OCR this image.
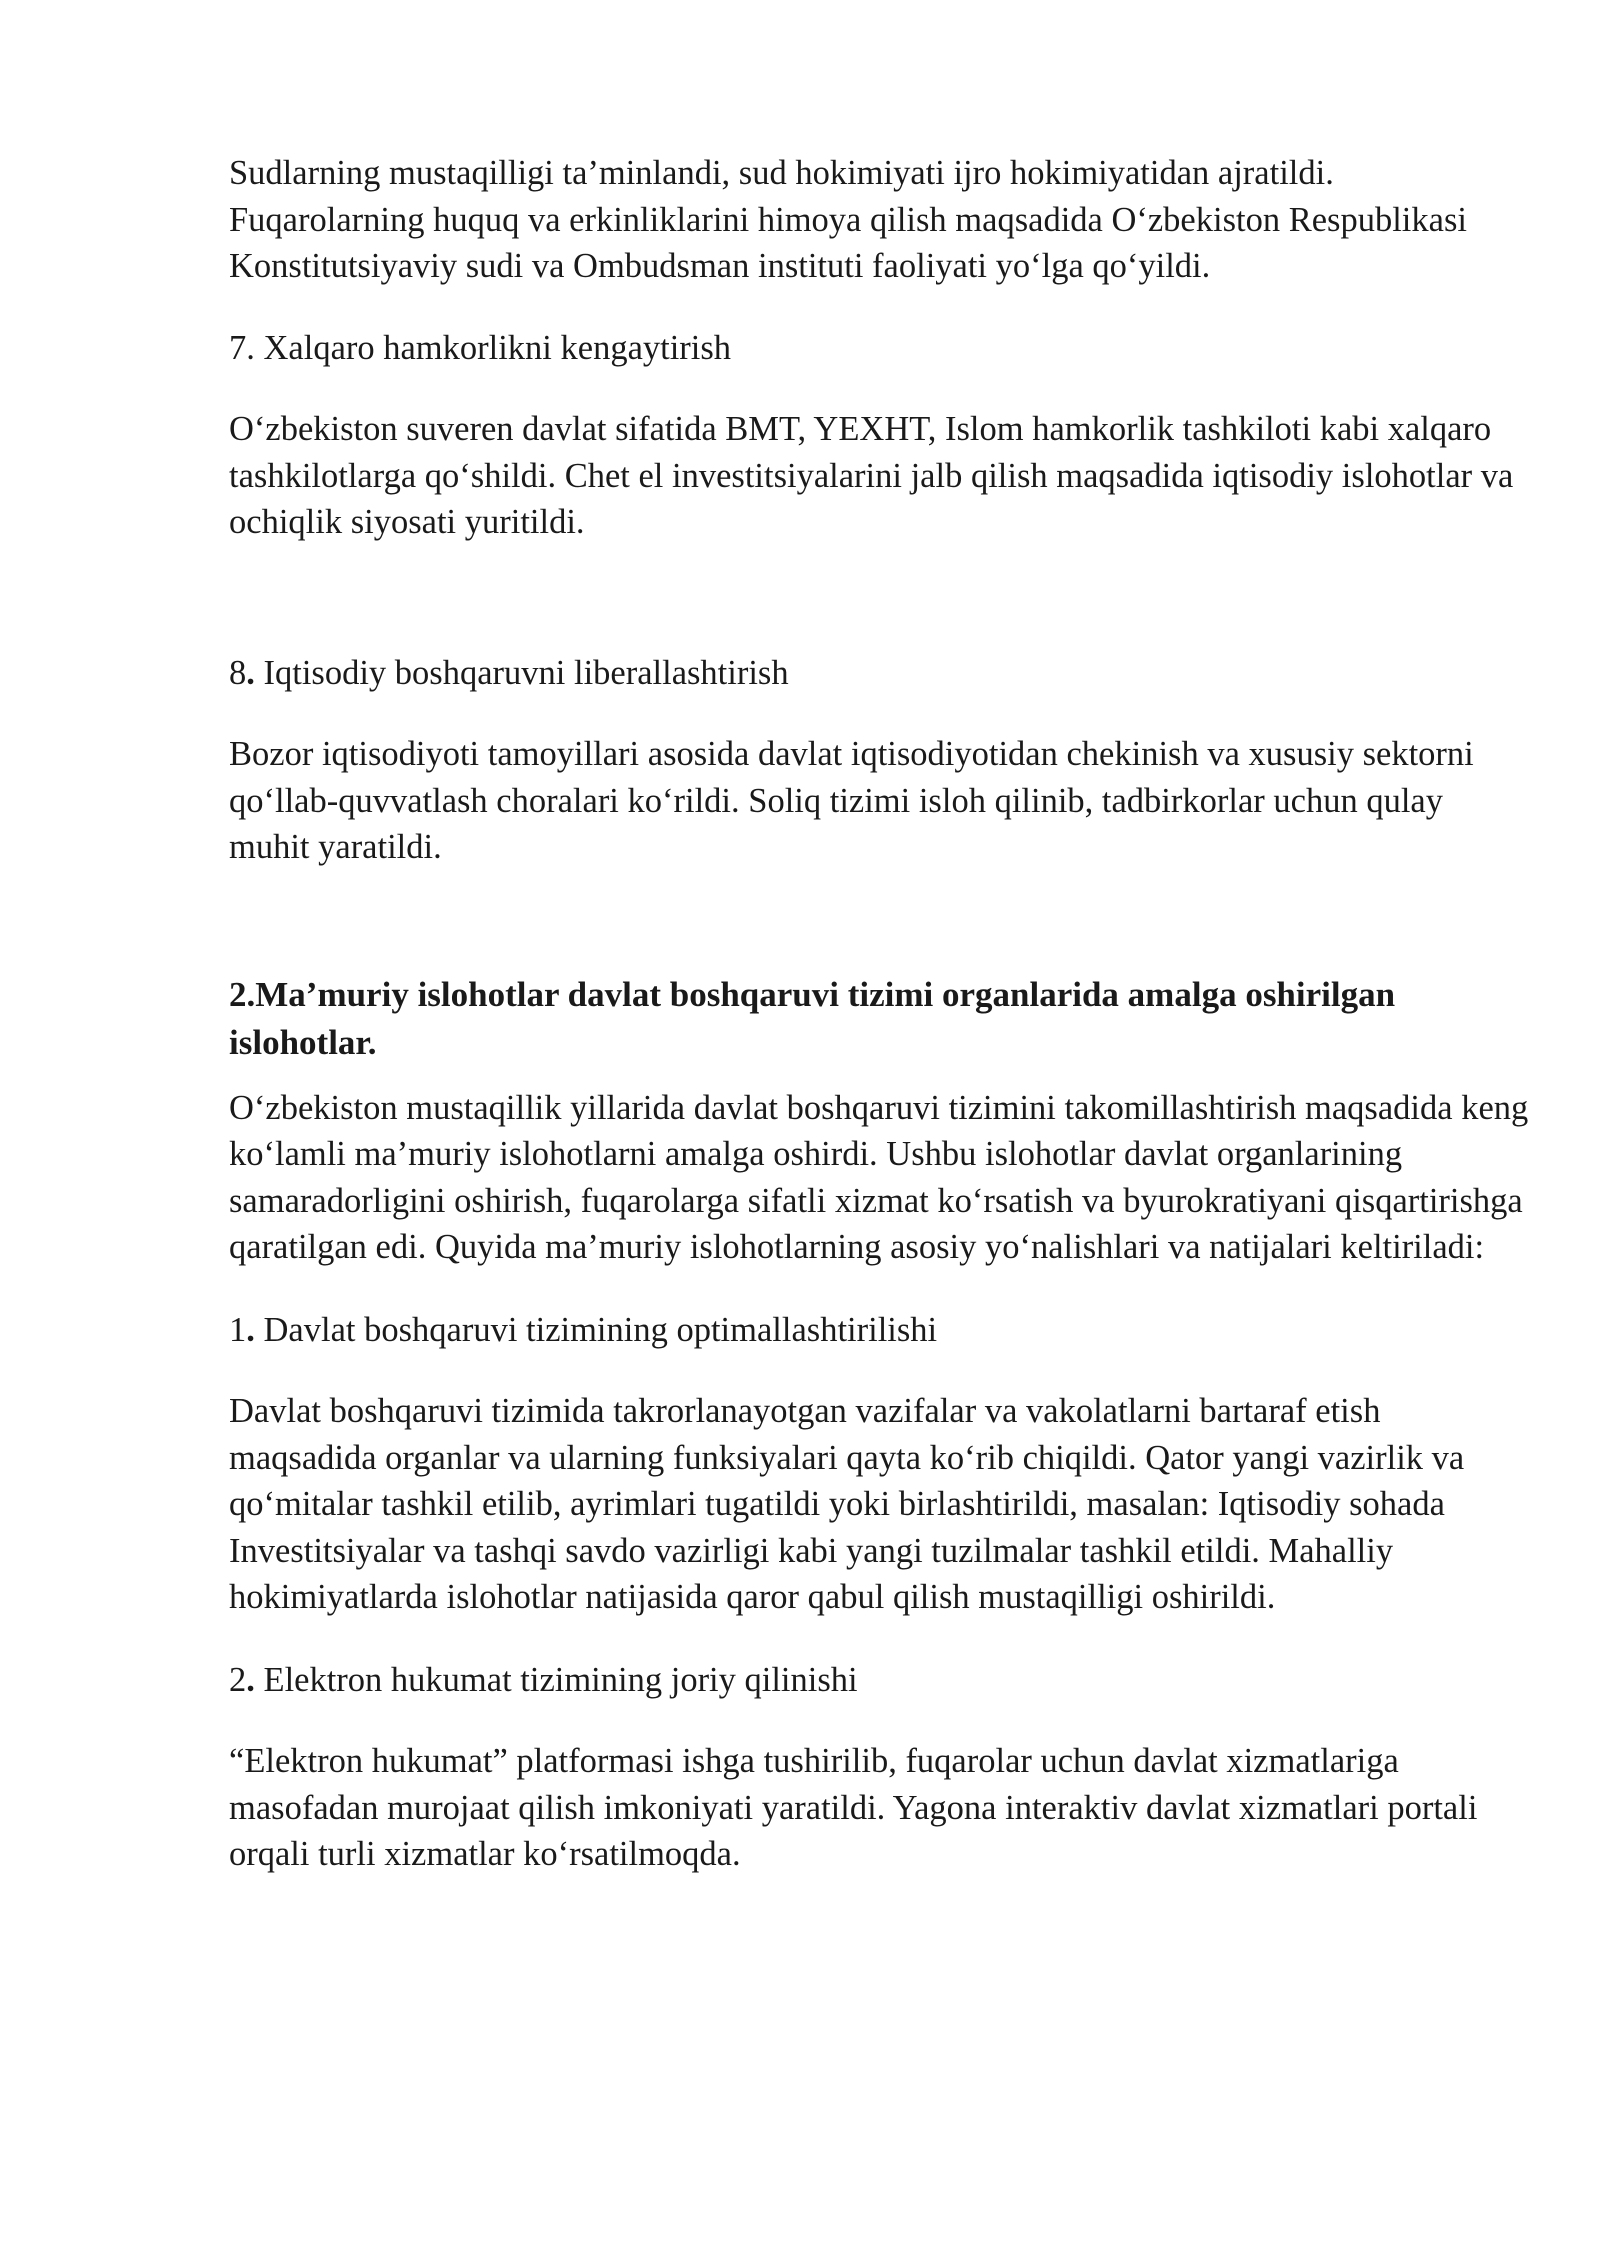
Sudlarning mustaqilligi ta’minlandi, sud hokimiyati ijro hokimiyatidan ajratildi. Fuqarolarning huquq va erkinliklarini himoya qilish maqsadida O‘zbekiston Respublikasi Konstitutsiyaviy sudi va Ombudsman instituti faoliyati yo‘lga qo‘yildi.

7. Xalqaro hamkorlikni kengaytirish

O‘zbekiston suveren davlat sifatida BMT, YEXHT, Islom hamkorlik tashkiloti kabi xalqaro tashkilotlarga qo‘shildi. Chet el investitsiyalarini jalb qilish maqsadida iqtisodiy islohotlar va ochiqlik siyosati yuritildi.

8. Iqtisodiy boshqaruvni liberallashtirish

Bozor iqtisodiyoti tamoyillari asosida davlat iqtisodiyotidan chekinish va xususiy sektorni qo‘llab-quvvatlash choralari ko‘rildi. Soliq tizimi isloh qilinib, tadbirkorlar uchun qulay muhit yaratildi.

2.Ma’muriy islohotlar davlat boshqaruvi tizimi organlarida amalga oshirilgan islohotlar.

O‘zbekiston mustaqillik yillarida davlat boshqaruvi tizimini takomillashtirish maqsadida keng ko‘lamli ma’muriy islohotlarni amalga oshirdi. Ushbu islohotlar davlat organlarining samaradorligini oshirish, fuqarolarga sifatli xizmat ko‘rsatish va byurokratiyani qisqartirishga qaratilgan edi. Quyida ma’muriy islohotlarning asosiy yo‘nalishlari va natijalari keltiriladi:

1. Davlat boshqaruvi tizimining optimallashtirilishi

Davlat boshqaruvi tizimida takrorlanayotgan vazifalar va vakolatlarni bartaraf etish maqsadida organlar va ularning funksiyalari qayta ko‘rib chiqildi. Qator yangi vazirlik va qo‘mitalar tashkil etilib, ayrimlari tugatildi yoki birlashtirildi, masalan: Iqtisodiy sohada Investitsiyalar va tashqi savdo vazirligi kabi yangi tuzilmalar tashkil etildi. Mahalliy hokimiyatlarda islohotlar natijasida qaror qabul qilish mustaqilligi oshirildi.

2. Elektron hukumat tizimining joriy qilinishi

“Elektron hukumat” platformasi ishga tushirilib, fuqarolar uchun davlat xizmatlariga masofadan murojaat qilish imkoniyati yaratildi. Yagona interaktiv davlat xizmatlari portali orqali turli xizmatlar ko‘rsatilmoqda.
